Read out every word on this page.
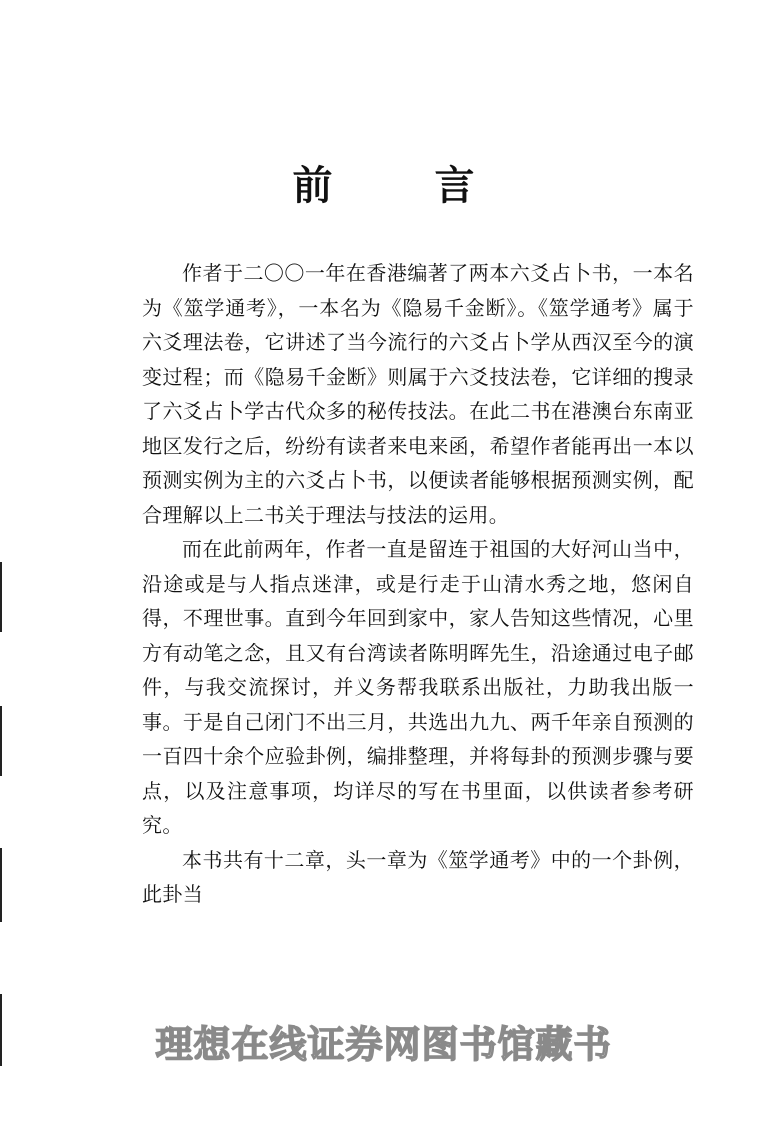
前 言

作者于二〇〇一年在香港编著了两本六爻占卜书，一本名为《筮学通考》，一本名为《隐易千金断》。《筮学通考》属于六爻理法卷，它讲述了当今流行的六爻占卜学从西汉至今的演变过程；而《隐易千金断》则属于六爻技法卷，它详细的搜录了六爻占卜学古代众多的秘传技法。在此二书在港澳台东南亚地区发行之后，纷纷有读者来电来函，希望作者能再出一本以预测实例为主的六爻占卜书，以便读者能够根据预测实例，配合理解以上二书关于理法与技法的运用。

而在此前两年，作者一直是留连于祖国的大好河山当中，沿途或是与人指点迷津，或是行走于山清水秀之地，悠闲自得，不理世事。直到今年回到家中，家人告知这些情况，心里方有动笔之念，且又有台湾读者陈明晖先生，沿途通过电子邮件，与我交流探讨，并义务帮我联系出版社，力助我出版一事。于是自己闭门不出三月，共选出九九、两千年亲自预测的一百四十余个应验卦例，编排整理，并将每卦的预测步骤与要点，以及注意事项，均详尽的写在书里面，以供读者参考研究。

本书共有十二章，头一章为《筮学通考》中的一个卦例，此卦当

理想在线证券网图书馆藏书
